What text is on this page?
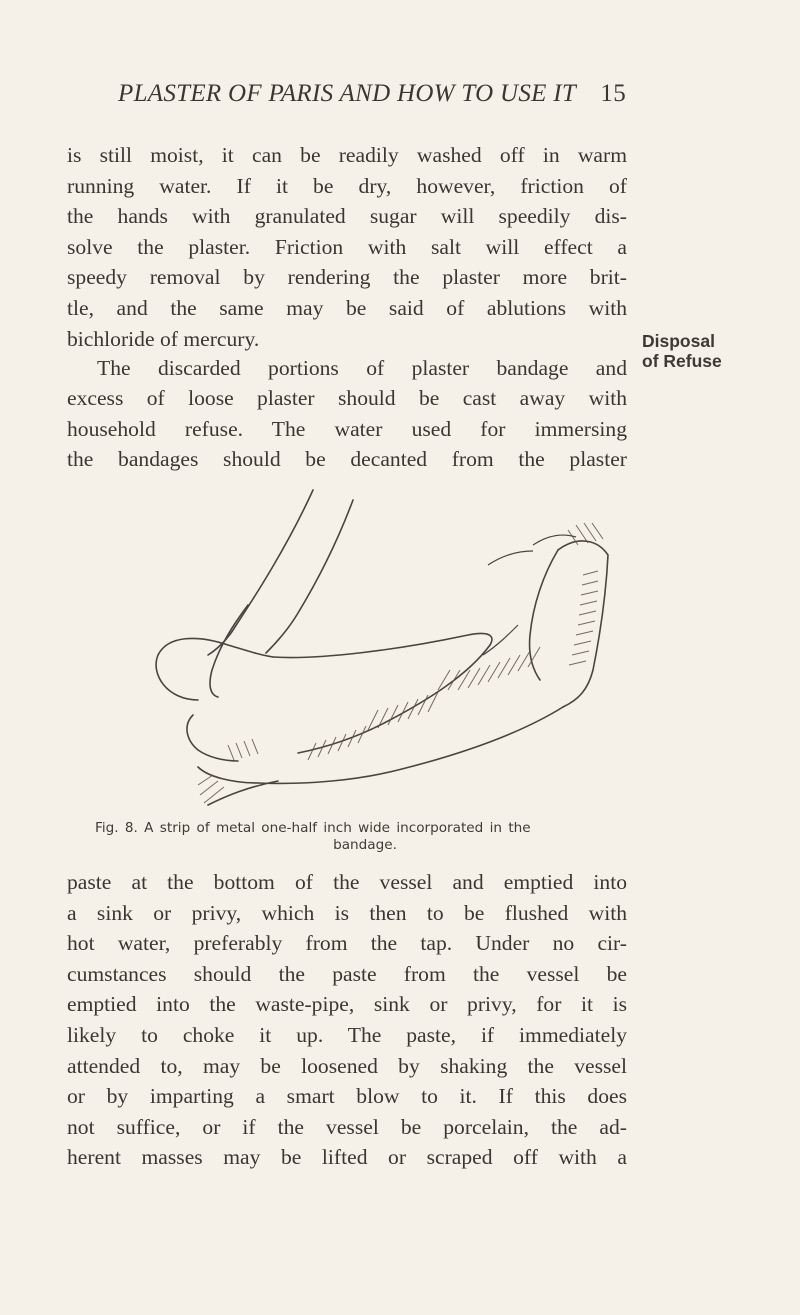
PLASTER OF PARIS AND HOW TO USE IT 15

is still moist, it can be readily washed off in warm
running water. If it be dry, however, friction of
the hands with granulated sugar will speedily dis-
solve the plaster. Friction with salt will effect a
speedy removal by rendering the plaster more brit-
tle, and the same may be said of ablutions with
bichloride of mercury.

The discarded portions of plaster bandage and
excess of loose plaster should be cast away with
household refuse. The water used for immersing
the bandages should be decanted from the plaster

Disposal
of Refuse
Fig. 8. A strip of metal one-half inch wide incorporated in the
bandage.

paste at the bottom of the vessel and emptied into
a sink or privy, which is then to be flushed with
hot water, preferably from the tap. Under no cir-
cumstances should the paste from the vessel be
emptied into the waste-pipe, sink or privy, for it is
likely to choke it up. The paste, if immediately
attended to, may be loosened by shaking the vessel
or by imparting a smart blow to it. If this does
not suffice, or if the vessel be porcelain, the ad-
herent masses may be lifted or scraped off with a
